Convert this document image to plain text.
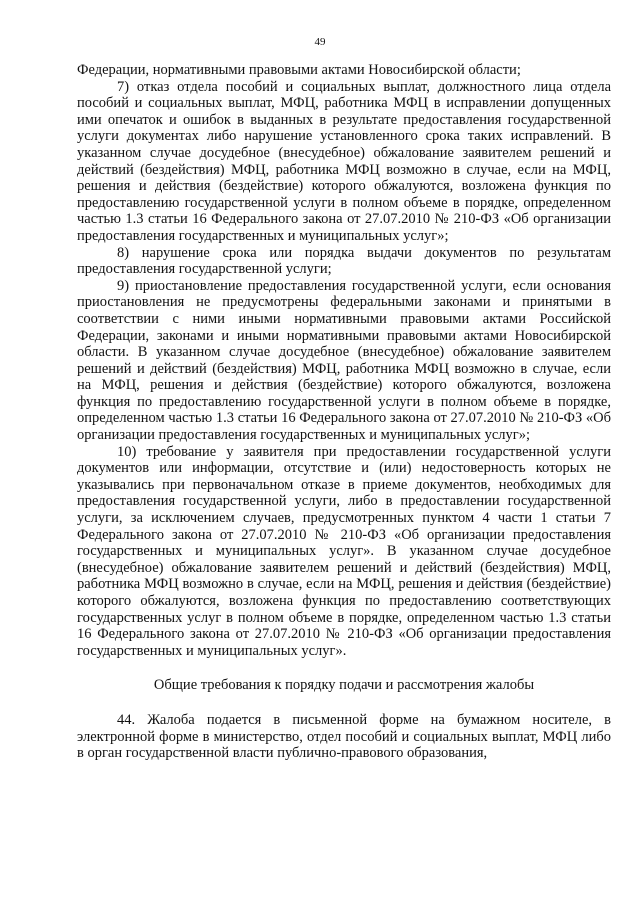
49

Федерации, нормативными правовыми актами Новосибирской области;

7) отказ отдела пособий и социальных выплат, должностного лица отдела пособий и социальных выплат, МФЦ, работника МФЦ в исправлении допущенных ими опечаток и ошибок в выданных в результате предоставления государственной услуги документах либо нарушение установленного срока таких исправлений. В указанном случае досудебное (внесудебное) обжалование заявителем решений и действий (бездействия) МФЦ, работника МФЦ возможно в случае, если на МФЦ, решения и действия (бездействие) которого обжалуются, возложена функция по предоставлению государственной услуги в полном объеме в порядке, определенном частью 1.3 статьи 16 Федерального закона от 27.07.2010 № 210-ФЗ «Об организации предоставления государственных и муниципальных услуг»;

8) нарушение срока или порядка выдачи документов по результатам предоставления государственной услуги;

9) приостановление предоставления государственной услуги, если основания приостановления не предусмотрены федеральными законами и принятыми в соответствии с ними иными нормативными правовыми актами Российской Федерации, законами и иными нормативными правовыми актами Новосибирской области. В указанном случае досудебное (внесудебное) обжалование заявителем решений и действий (бездействия) МФЦ, работника МФЦ возможно в случае, если на МФЦ, решения и действия (бездействие) которого обжалуются, возложена функция по предоставлению государственной услуги в полном объеме в порядке, определенном частью 1.3 статьи 16 Федерального закона от 27.07.2010 № 210-ФЗ «Об организации предоставления государственных и муниципальных услуг»;

10) требование у заявителя при предоставлении государственной услуги документов или информации, отсутствие и (или) недостоверность которых не указывались при первоначальном отказе в приеме документов, необходимых для предоставления государственной услуги, либо в предоставлении государственной услуги, за исключением случаев, предусмотренных пунктом 4 части 1 статьи 7 Федерального закона от 27.07.2010 № 210-ФЗ «Об организации предоставления государственных и муниципальных услуг». В указанном случае досудебное (внесудебное) обжалование заявителем решений и действий (бездействия) МФЦ, работника МФЦ возможно в случае, если на МФЦ, решения и действия (бездействие) которого обжалуются, возложена функция по предоставлению соответствующих государственных услуг в полном объеме в порядке, определенном частью 1.3 статьи 16 Федерального закона от 27.07.2010 № 210-ФЗ «Об организации предоставления государственных и муниципальных услуг».

Общие требования к порядку подачи и рассмотрения жалобы

44. Жалоба подается в письменной форме на бумажном носителе, в электронной форме в министерство, отдел пособий и социальных выплат, МФЦ либо в орган государственной власти публично-правового образования,
